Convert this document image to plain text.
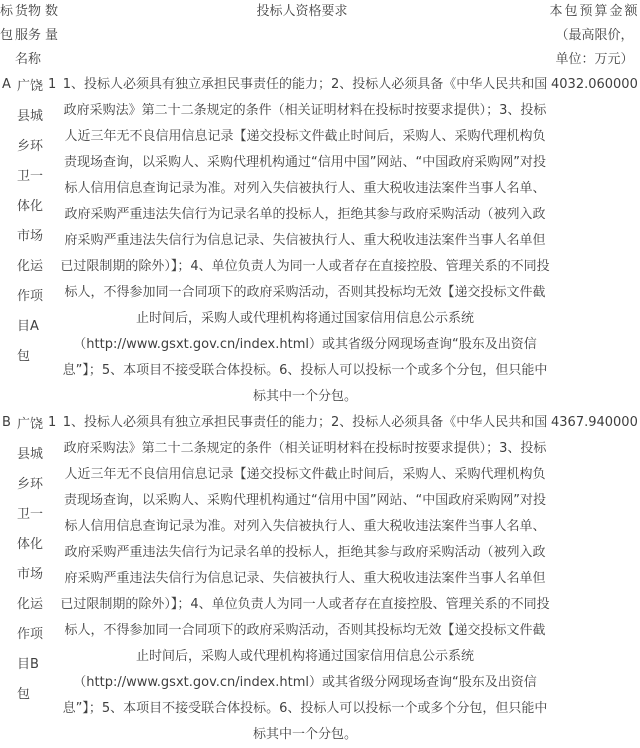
标包
货物服务名称
数量
投标人资格要求	本包预算金额
（最高限价，
单位：万元）
A 广饶县城乡环卫一体化市场化运作项目A包
1 1、投标人必须具有独立承担民事责任的能力；2、投标人必须具备《中华人民共和国政府采购法》第二十二条规定的条件（相关证明材料在投标时按要求提供）；3、投标人近三年无不良信用信息记录【递交投标文件截止时间后，采购人、采购代理机构负责现场查询，以采购人、采购代理机构通过“信用中国”网站、“中国政府采购网”对投标人信用信息查询记录为准。对列入失信被执行人、重大税收违法案件当事人名单、政府采购严重违法失信行为记录名单的投标人，拒绝其参与政府采购活动（被列入政府采购严重违法失信行为信息记录、失信被执行人、重大税收违法案件当事人名单但已过限制期的除外）】；4、单位负责人为同一人或者存在直接控股、管理关系的不同投标人，不得参加同一合同项下的政府采购活动，否则其投标均无效【递交投标文件截止时间后，采购人或代理机构将通过国家信用信息公示系统（http://www.gsxt.gov.cn/index.html）或其省级分网现场查询“股东及出资信息”】；5、本项目不接受联合体投标。6、投标人可以投标一个或多个分包，但只能中标其中一个分包。
4032.060000
B 广饶县城乡环卫一体化市场化运作项目B包
1 1、投标人必须具有独立承担民事责任的能力；2、投标人必须具备《中华人民共和国政府采购法》第二十二条规定的条件（相关证明材料在投标时按要求提供）；3、投标人近三年无不良信用信息记录【递交投标文件截止时间后，采购人、采购代理机构负责现场查询，以采购人、采购代理机构通过“信用中国”网站、“中国政府采购网”对投标人信用信息查询记录为准。对列入失信被执行人、重大税收违法案件当事人名单、政府采购严重违法失信行为记录名单的投标人，拒绝其参与政府采购活动（被列入政府采购严重违法失信行为信息记录、失信被执行人、重大税收违法案件当事人名单但已过限制期的除外）】；4、单位负责人为同一人或者存在直接控股、管理关系的不同投标人，不得参加同一合同项下的政府采购活动，否则其投标均无效【递交投标文件截止时间后，采购人或代理机构将通过国家信用信息公示系统（http://www.gsxt.gov.cn/index.html）或其省级分网现场查询“股东及出资信息”】；5、本项目不接受联合体投标。6、投标人可以投标一个或多个分包，但只能中标其中一个分包。
4367.940000
